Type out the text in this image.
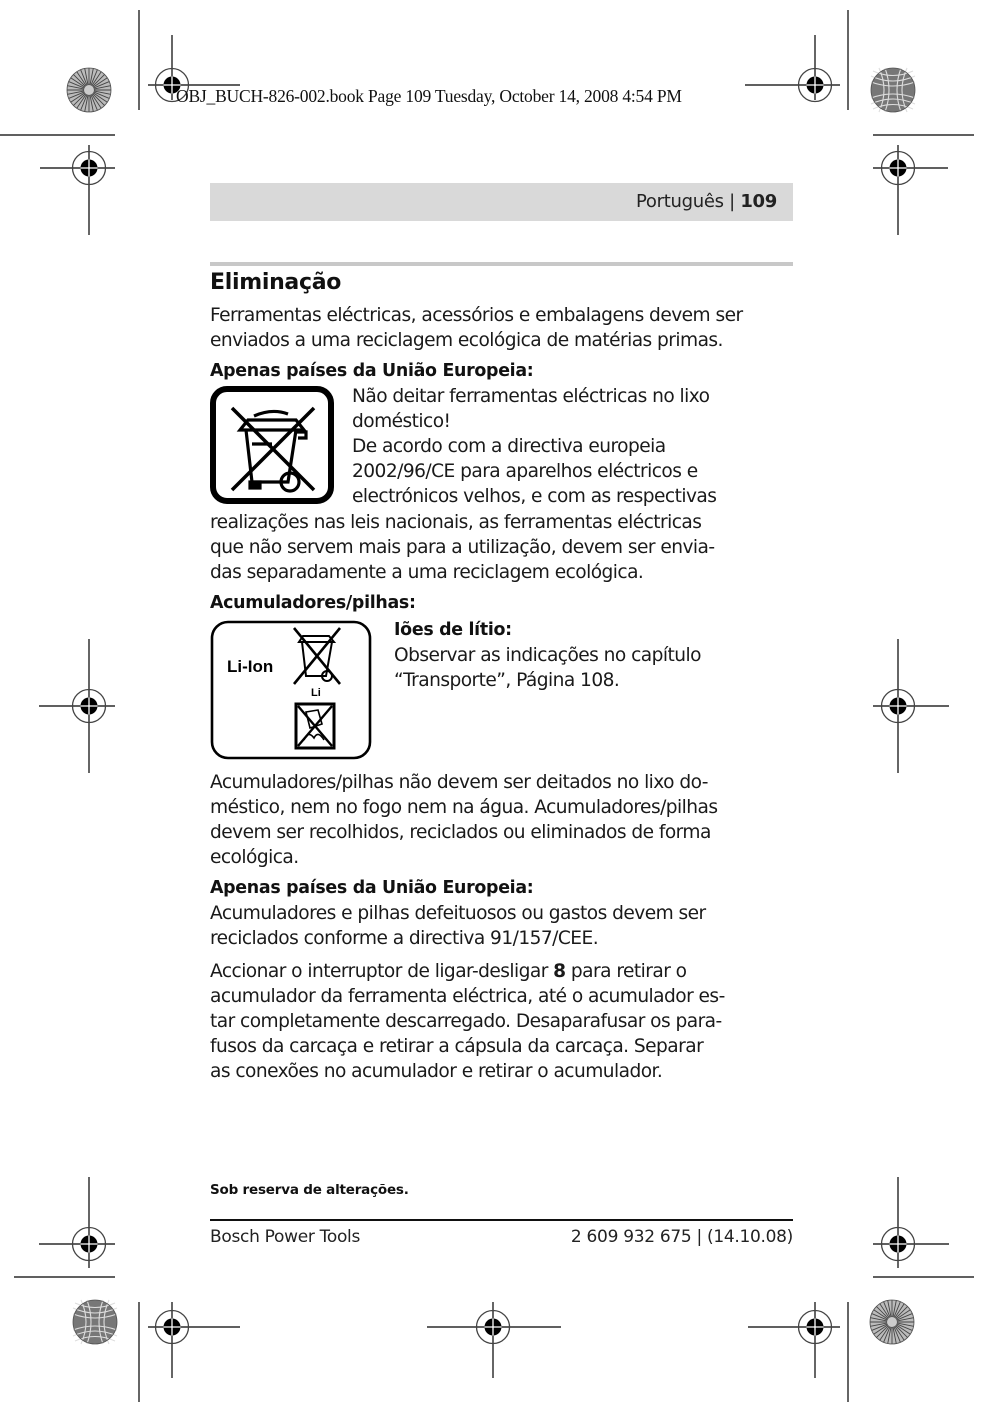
OBJ_BUCH-826-002.book Page 109 Tuesday, October 14, 2008 4:54 PM
Português | 109
Eliminação

Ferramentas eléctricas, acessórios e embalagens devem ser enviados a uma reciclagem ecológica de matérias primas.

Apenas países da União Europeia:

Não deitar ferramentas eléctricas no lixo

doméstico!

De acordo com a directiva europeia

2002/96/CE para aparelhos eléctricos e

electrónicos velhos, e com as respectivas

realizações nas leis nacionais, as ferramentas eléctricas

que não servem mais para a utilização, devem ser envia-

das separadamente a uma reciclagem ecológica.

Acumuladores/pilhas:

Li-Ion
Li

Iões de lítio:

Observar as indicações no capítulo

“Transporte”, Página 108.

Acumuladores/pilhas não devem ser deitados no lixo do-

méstico, nem no fogo nem na água. Acumuladores/pilhas

devem ser recolhidos, reciclados ou eliminados de forma

ecológica.

Apenas países da União Europeia:

Acumuladores e pilhas defeituosos ou gastos devem ser

reciclados conforme a directiva 91/157/CEE.

Accionar o interruptor de ligar-desligar 8 para retirar o

acumulador da ferramenta eléctrica, até o acumulador es-

tar completamente descarregado. Desaparafusar os para-

fusos da carcaça e retirar a cápsula da carcaça. Separar

as conexões no acumulador e retirar o acumulador.

Sob reserva de alterações.
Bosch Power Tools	2 609 932 675 | (14.10.08)
